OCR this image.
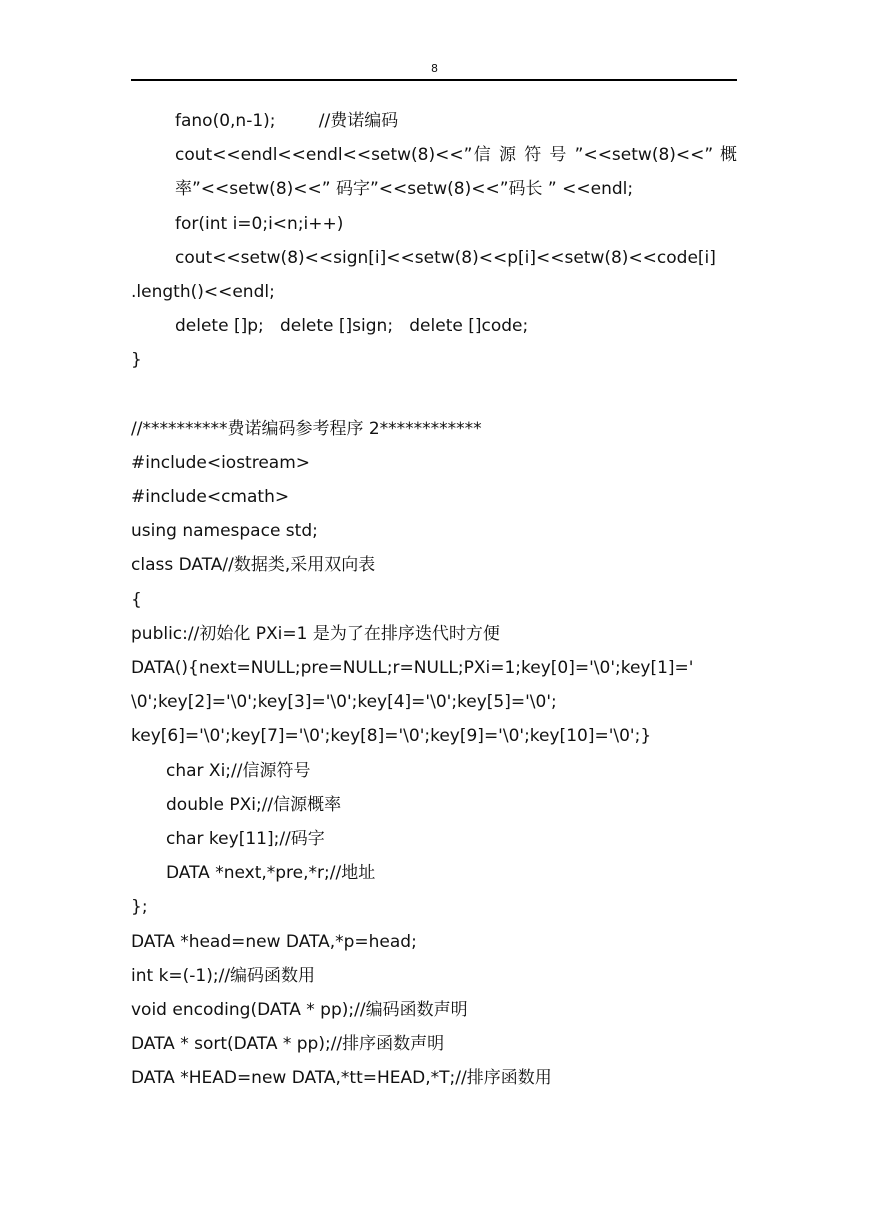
8
fano(0,n-1);        //费诺编码
cout<<endl<<endl<<setw(8)<<”信 源 符 号 ”<<setw(8)<<” 概
率”<<setw(8)<<” 码字”<<setw(8)<<”码长 ” <<endl;
for(int i=0;i<n;i++)
cout<<setw(8)<<sign[i]<<setw(8)<<p[i]<<setw(8)<<code[i]
.length()<<endl;
delete []p;   delete []sign;   delete []code;
}
//**********费诺编码参考程序 2************
#include<iostream>
#include<cmath>
using namespace std;
class DATA//数据类,采用双向表
{
public://初始化 PXi=1 是为了在排序迭代时方便
DATA(){next=NULL;pre=NULL;r=NULL;PXi=1;key[0]='\0';key[1]='
\0';key[2]='\0';key[3]='\0';key[4]='\0';key[5]='\0';
key[6]='\0';key[7]='\0';key[8]='\0';key[9]='\0';key[10]='\0';}
char Xi;//信源符号
double PXi;//信源概率
char key[11];//码字
DATA *next,*pre,*r;//地址
};
DATA *head=new DATA,*p=head;
int k=(-1);//编码函数用
void encoding(DATA * pp);//编码函数声明
DATA * sort(DATA * pp);//排序函数声明
DATA *HEAD=new DATA,*tt=HEAD,*T;//排序函数用
